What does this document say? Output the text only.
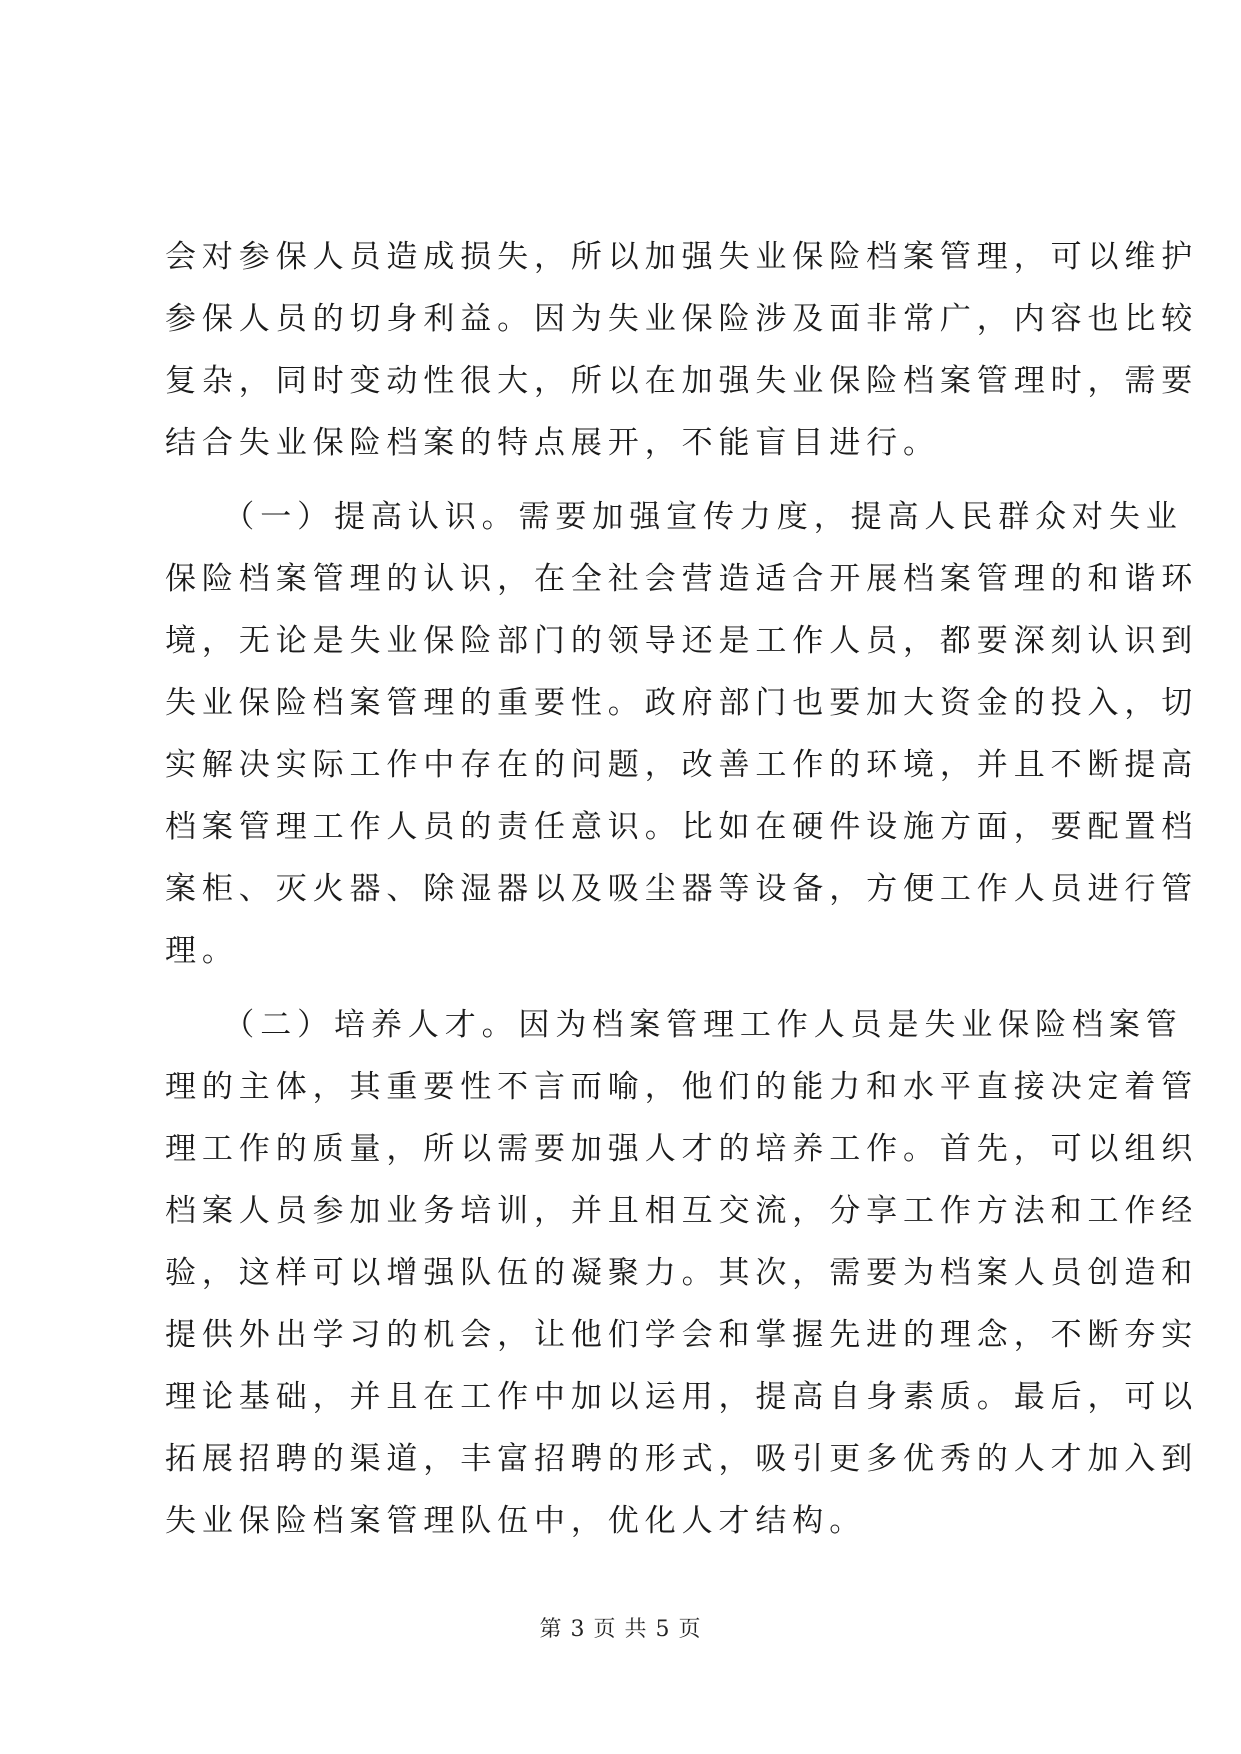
会对参保人员造成损失，所以加强失业保险档案管理，可以维护
参保人员的切身利益。因为失业保险涉及面非常广，内容也比较
复杂，同时变动性很大，所以在加强失业保险档案管理时，需要
结合失业保险档案的特点展开，不能盲目进行。
　　（一）提高认识。需要加强宣传力度，提高人民群众对失业
保险档案管理的认识，在全社会营造适合开展档案管理的和谐环
境，无论是失业保险部门的领导还是工作人员，都要深刻认识到
失业保险档案管理的重要性。政府部门也要加大资金的投入，切
实解决实际工作中存在的问题，改善工作的环境，并且不断提高
档案管理工作人员的责任意识。比如在硬件设施方面，要配置档
案柜、灭火器、除湿器以及吸尘器等设备，方便工作人员进行管
理。
　　（二）培养人才。因为档案管理工作人员是失业保险档案管
理的主体，其重要性不言而喻，他们的能力和水平直接决定着管
理工作的质量，所以需要加强人才的培养工作。首先，可以组织
档案人员参加业务培训，并且相互交流，分享工作方法和工作经
验，这样可以增强队伍的凝聚力。其次，需要为档案人员创造和
提供外出学习的机会，让他们学会和掌握先进的理念，不断夯实
理论基础，并且在工作中加以运用，提高自身素质。最后，可以
拓展招聘的渠道，丰富招聘的形式，吸引更多优秀的人才加入到
失业保险档案管理队伍中，优化人才结构。
第 3 页 共 5 页
